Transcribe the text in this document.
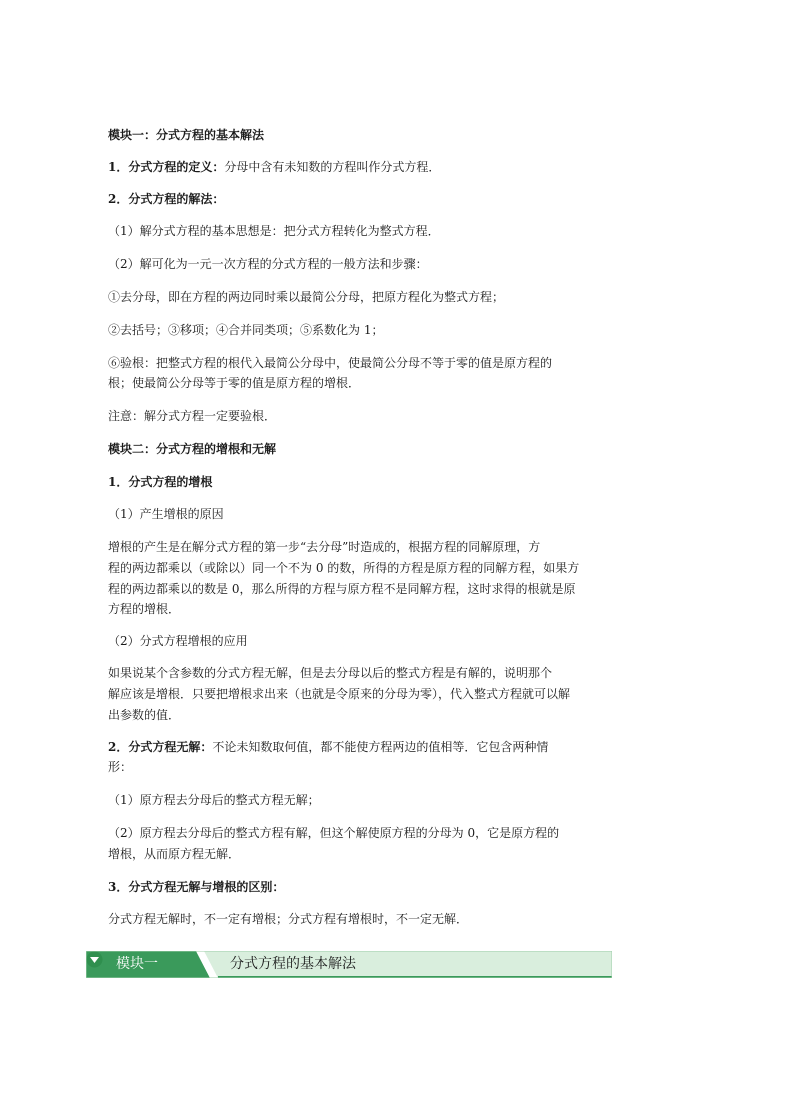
模块一：分式方程的基本解法
1．分式方程的定义：分母中含有未知数的方程叫作分式方程．
2．分式方程的解法：
（1）解分式方程的基本思想是：把分式方程转化为整式方程．
（2）解可化为一元一次方程的分式方程的一般方法和步骤：
①去分母，即在方程的两边同时乘以最简公分母，把原方程化为整式方程；
②去括号；③移项；④合并同类项；⑤系数化为 1；
⑥验根：把整式方程的根代入最简公分母中，使最简公分母不等于零的值是原方程的
根；使最简公分母等于零的值是原方程的增根．
注意：解分式方程一定要验根．
模块二：分式方程的增根和无解
1．分式方程的增根
（1）产生增根的原因
增根的产生是在解分式方程的第一步“去分母”时造成的，根据方程的同解原理，方
程的两边都乘以（或除以）同一个不为 0 的数，所得的方程是原方程的同解方程，如果方
程的两边都乘以的数是 0，那么所得的方程与原方程不是同解方程，这时求得的根就是原
方程的增根．
（2）分式方程增根的应用
如果说某个含参数的分式方程无解，但是去分母以后的整式方程是有解的，说明那个
解应该是增根．只要把增根求出来（也就是令原来的分母为零），代入整式方程就可以解
出参数的值．
2．分式方程无解：不论未知数取何值，都不能使方程两边的值相等．它包含两种情
形：
（1）原方程去分母后的整式方程无解；
（2）原方程去分母后的整式方程有解，但这个解使原方程的分母为 0，它是原方程的
增根，从而原方程无解．
3．分式方程无解与增根的区别：
分式方程无解时，不一定有增根；分式方程有增根时，不一定无解．
模块一	分式方程的基本解法
